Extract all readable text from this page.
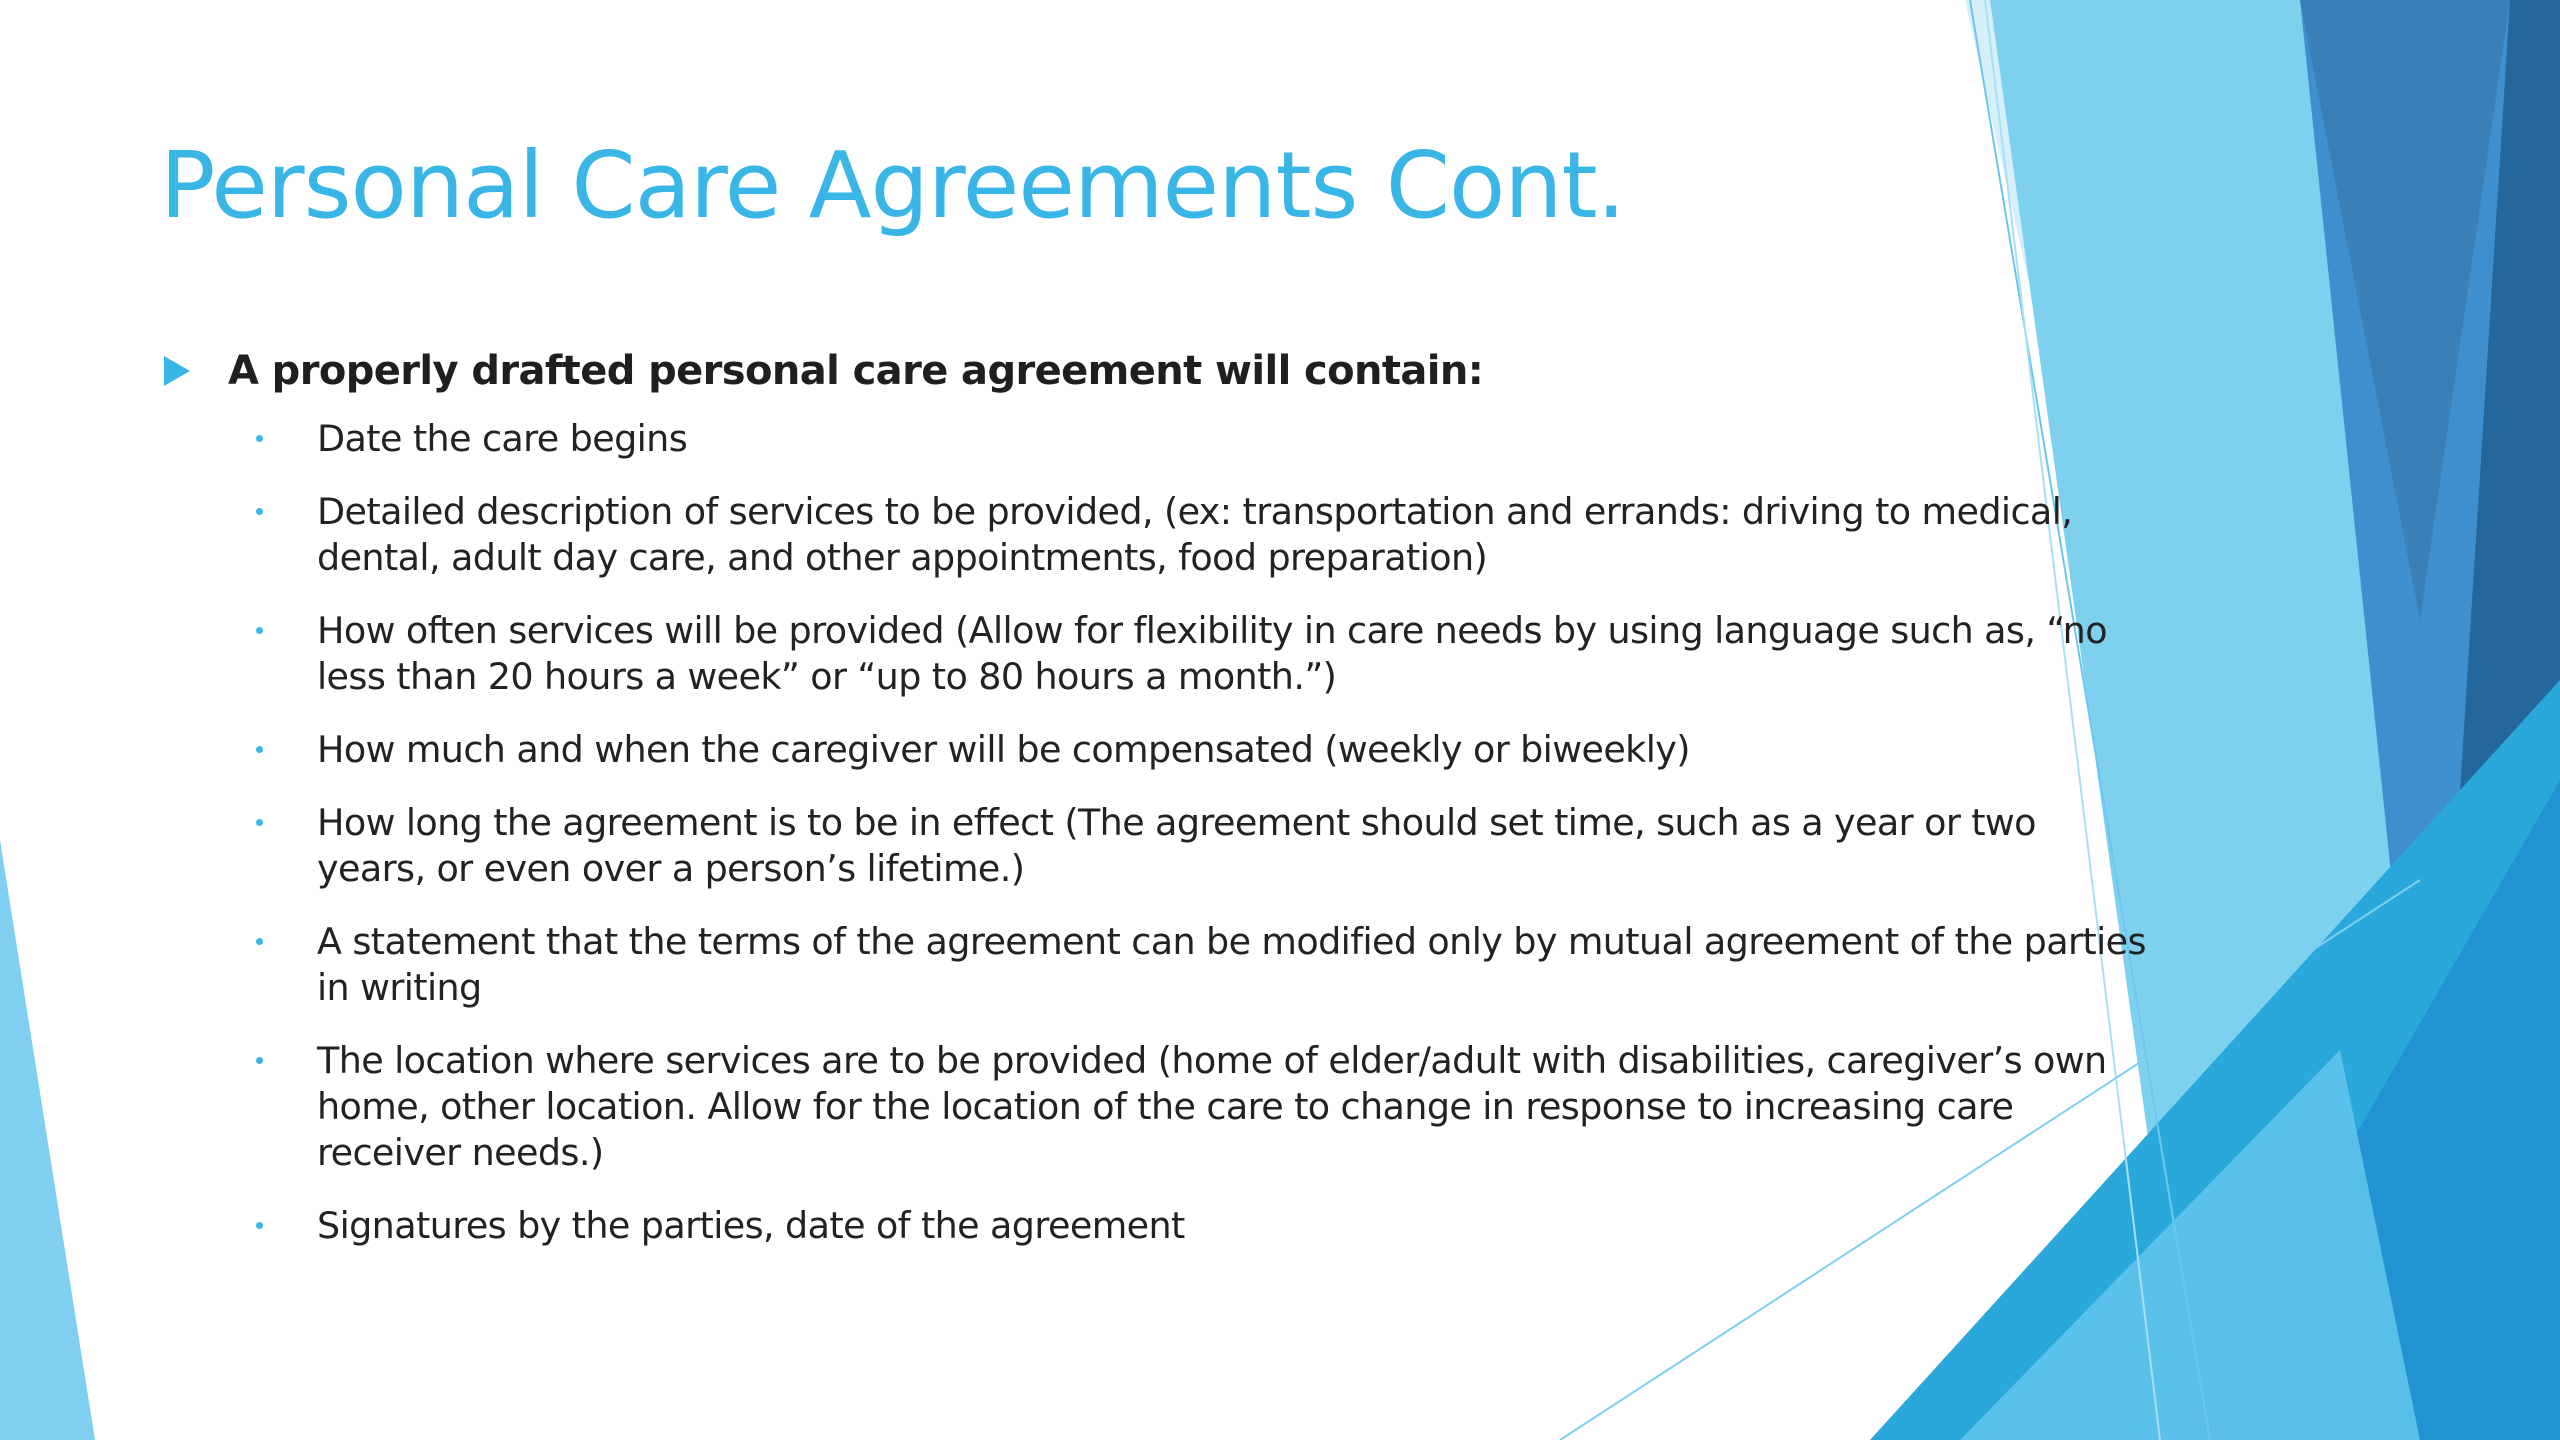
Personal Care Agreements Cont.
A properly drafted personal care agreement will contain:
Date the care begins
Detailed description of services to be provided, (ex: transportation and errands: driving to medical, dental, adult day care, and other appointments, food preparation)
How often services will be provided (Allow for flexibility in care needs by using language such as, “no less than 20 hours a week” or “up to 80 hours a month.”)
How much and when the caregiver will be compensated (weekly or biweekly)
How long the agreement is to be in effect (The agreement should set time, such as a year or two years, or even over a person’s lifetime.)
A statement that the terms of the agreement can be modified only by mutual agreement of the parties in writing
The location where services are to be provided (home of elder/adult with disabilities, caregiver’s own home, other location. Allow for the location of the care to change in response to increasing care receiver needs.)
Signatures by the parties, date of the agreement
